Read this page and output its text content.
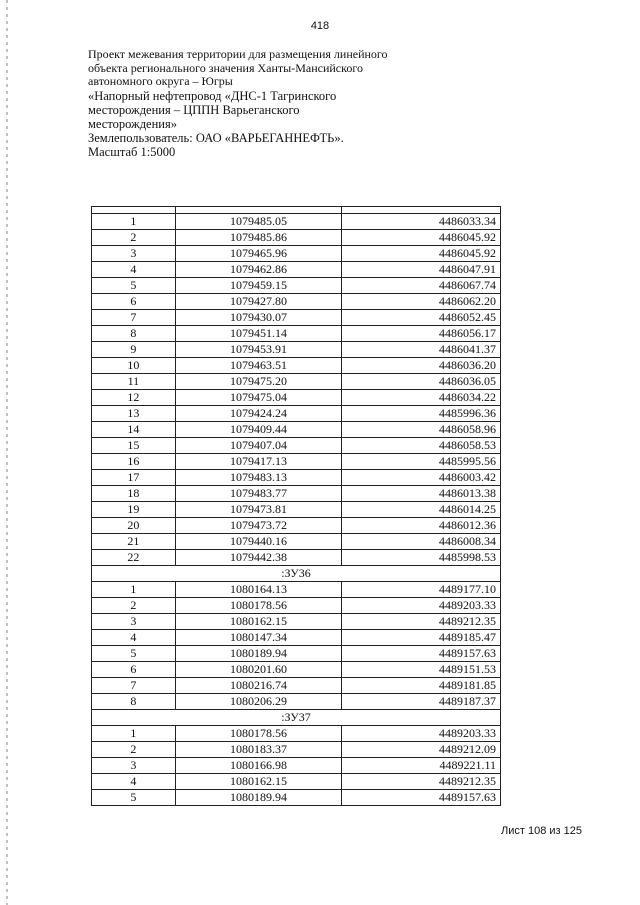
418
Проект межевания территории для размещения линейного
объекта регионального значения Ханты-Мансийского
автономного округа – Югры
«Напорный нефтепровод «ДНС-1 Тагринского
месторождения – ЦППН Варьеганского
месторождения»
Землепользователь: ОАО «ВАРЬЕГАННЕФТЬ».
Масштаб 1:5000

1	1079485.05	4486033.34
2	1079485.86	4486045.92
3	1079465.96	4486045.92
4	1079462.86	4486047.91
5	1079459.15	4486067.74
6	1079427.80	4486062.20
7	1079430.07	4486052.45
8	1079451.14	4486056.17
9	1079453.91	4486041.37
10	1079463.51	4486036.20
11	1079475.20	4486036.05
12	1079475.04	4486034.22
13	1079424.24	4485996.36
14	1079409.44	4486058.96
15	1079407.04	4486058.53
16	1079417.13	4485995.56
17	1079483.13	4486003.42
18	1079483.77	4486013.38
19	1079473.81	4486014.25
20	1079473.72	4486012.36
21	1079440.16	4486008.34
22	1079442.38	4485998.53
:ЗУ36		
1	1080164.13	4489177.10
2	1080178.56	4489203.33
3	1080162.15	4489212.35
4	1080147.34	4489185.47
5	1080189.94	4489157.63
6	1080201.60	4489151.53
7	1080216.74	4489181.85
8	1080206.29	4489187.37
:ЗУ37		
1	1080178.56	4489203.33
2	1080183.37	4489212.09
3	1080166.98	4489221.11
4	1080162.15	4489212.35
5	1080189.94	4489157.63
Лист 108 из 125
